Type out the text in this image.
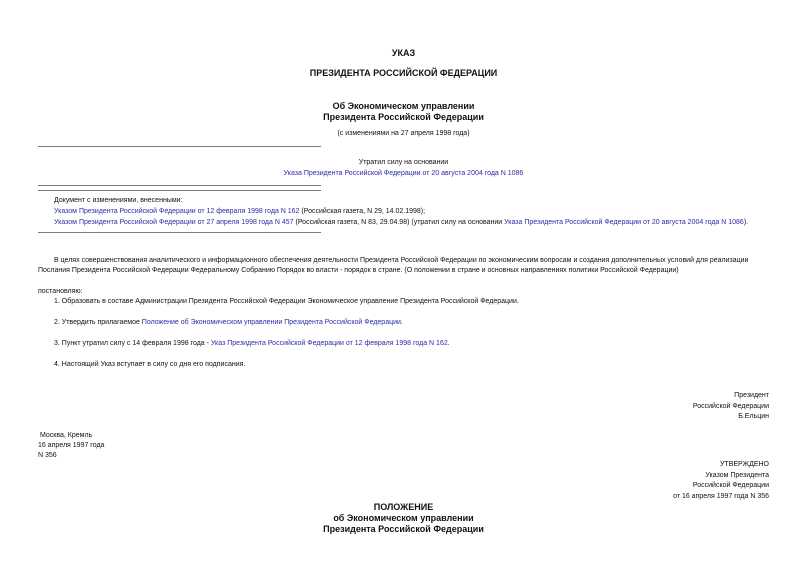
УКАЗ
ПРЕЗИДЕНТА РОССИЙСКОЙ ФЕДЕРАЦИИ
Об Экономическом управлении
Президента Российской Федерации
(с изменениями на 27 апреля 1998 года)
Утратил силу на основании
Указа Президента Российской Федерации от 20 августа 2004 года N 1086
Документ с изменениями, внесенными:
Указом Президента Российской Федерации от 12 февраля 1998 года N 162 (Российская газета, N 29, 14.02.1998);
Указом Президента Российской Федерации от 27 апреля 1998 года N 457 (Российская газета, N 83, 29.04.98) (утратил силу на основании Указа Президента Российской Федерации от 20 августа 2004 года N 1086).
В целях совершенствования аналитического и информационного обеспечения деятельности Президента Российской Федерации по экономическим вопросам и создания дополнительных условий для реализации
Послания Президента Российской Федерации Федеральному Собранию Порядок во власти - порядок в стране. (О положении в стране и основных направлениях политики Российской Федерации)
постановляю:
1. Образовать в составе Администрации Президента Российской Федерации Экономическое управление Президента Российской Федерации.
2. Утвердить прилагаемое Положение об Экономическом управлении Президента Российской Федерации.
3. Пункт утратил силу с 14 февраля 1998 года - Указ Президента Российской Федерации от 12 февраля 1998 года N 162.
4. Настоящий Указ вступает в силу со дня его подписания.
Президент
Российской Федерации
Б.Ельцин
Москва, Кремль
16 апреля 1997 года
N 356
УТВЕРЖДЕНО
Указом Президента
Российской Федерации
от 16 апреля 1997 года N 356
ПОЛОЖЕНИЕ
об Экономическом управлении
Президента Российской Федерации
